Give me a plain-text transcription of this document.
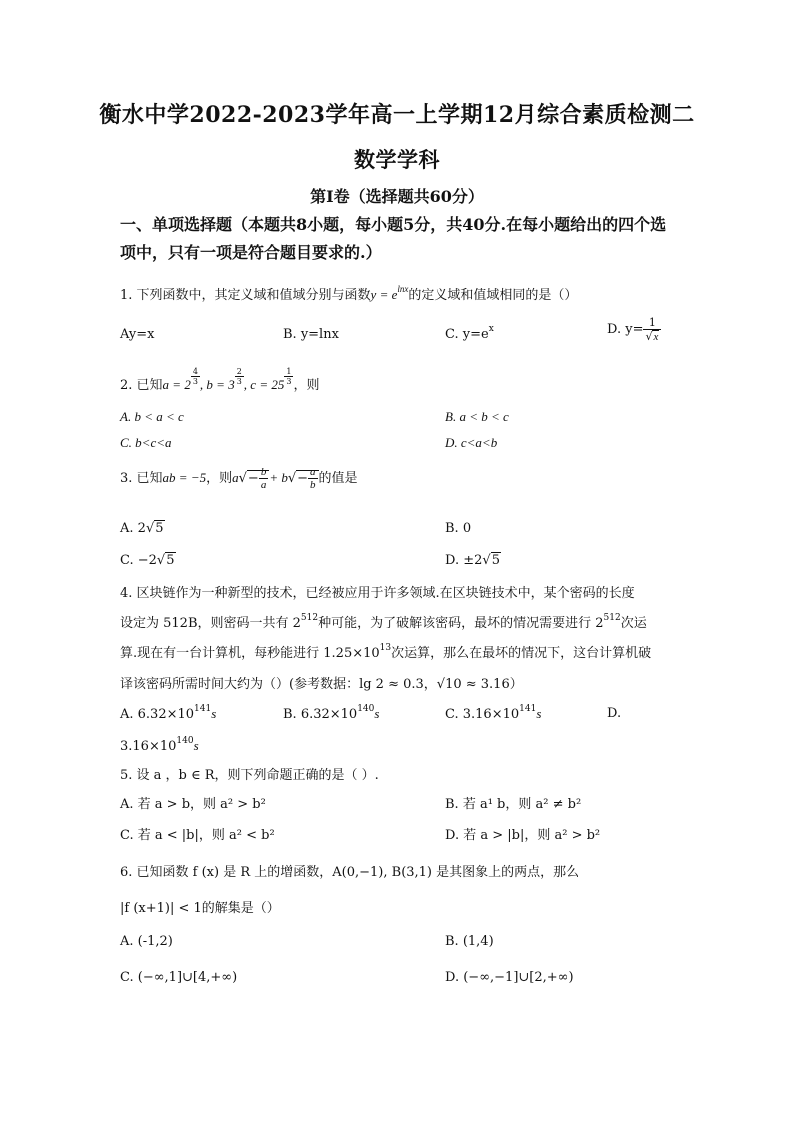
衡水中学2022-2023学年高一上学期12月综合素质检测二
数学学科
第I卷（选择题共60分）
一、单项选择题（本题共8小题，每小题5分，共40分.在每小题给出的四个选项中，只有一项是符合题目要求的.）
1. 下列函数中，其定义域和值域分别与函数$y = e^{lnx}$的定义域和值域相同的是（）
Ay=x	B. y=lnx	C. $y=e^x$	D. $y= \frac{1}{√x}$
2. 已知$a = 2 \frac{4}{3}$ , $b = 3 \frac{2}{3}$ , $c = 25 \frac{1}{3}$ ，则
A. b < a < c	B. a < b < c
C. b<c<a	D. c<a<b
3. 已知ab = −5，则$a√- \frac{b}{a} + b√- \frac{a}{b}$ 的值是
A. 2√5	B. 0
C. −2√5	D. ±2√5
4. 区块链作为一种新型的技术，已经被应用于许多领域.在区块链技术中，某个密码的长度
设定为 512B，则密码一共有 $2^{512}$种可能，为了破解该密码，最坏的情况需要进行 $2^{512}$次运
算.现在有一台计算机，每秒能进行 $1.25\times 10^{13}$次运算，那么在最坏的情况下，这台计算机破
译该密码所需时间大约为（）(参考数据：lg 2 ≈ 0.3，√10 ≈ 3.16）
A. $6.32\times 10^{141}s$	B. $6.32\times 10^{140}s$	C. $3.16\times 10^{141}s$	D.
$3.16\times 10^{140}s$
5. 设 a ，b ∈ R，则下列命题正确的是（ ）.
A. 若 a > b，则 a² > b²	B. 若 a¹ b，则 a² ≠ b²
C. 若 a < |b|，则 a² < b²	D. 若 a > |b|，则 a² > b²
6. 已知函数 f (x) 是 R 上的增函数，A(0,−1), B(3,1) 是其图象上的两点，那么
|f (x+1)| < 1的解集是（）
A. (-1,2)	B. (1,4)
C. (−∞,1]∪[4,+∞)	D. (−∞,−1]∪[2,+∞)
